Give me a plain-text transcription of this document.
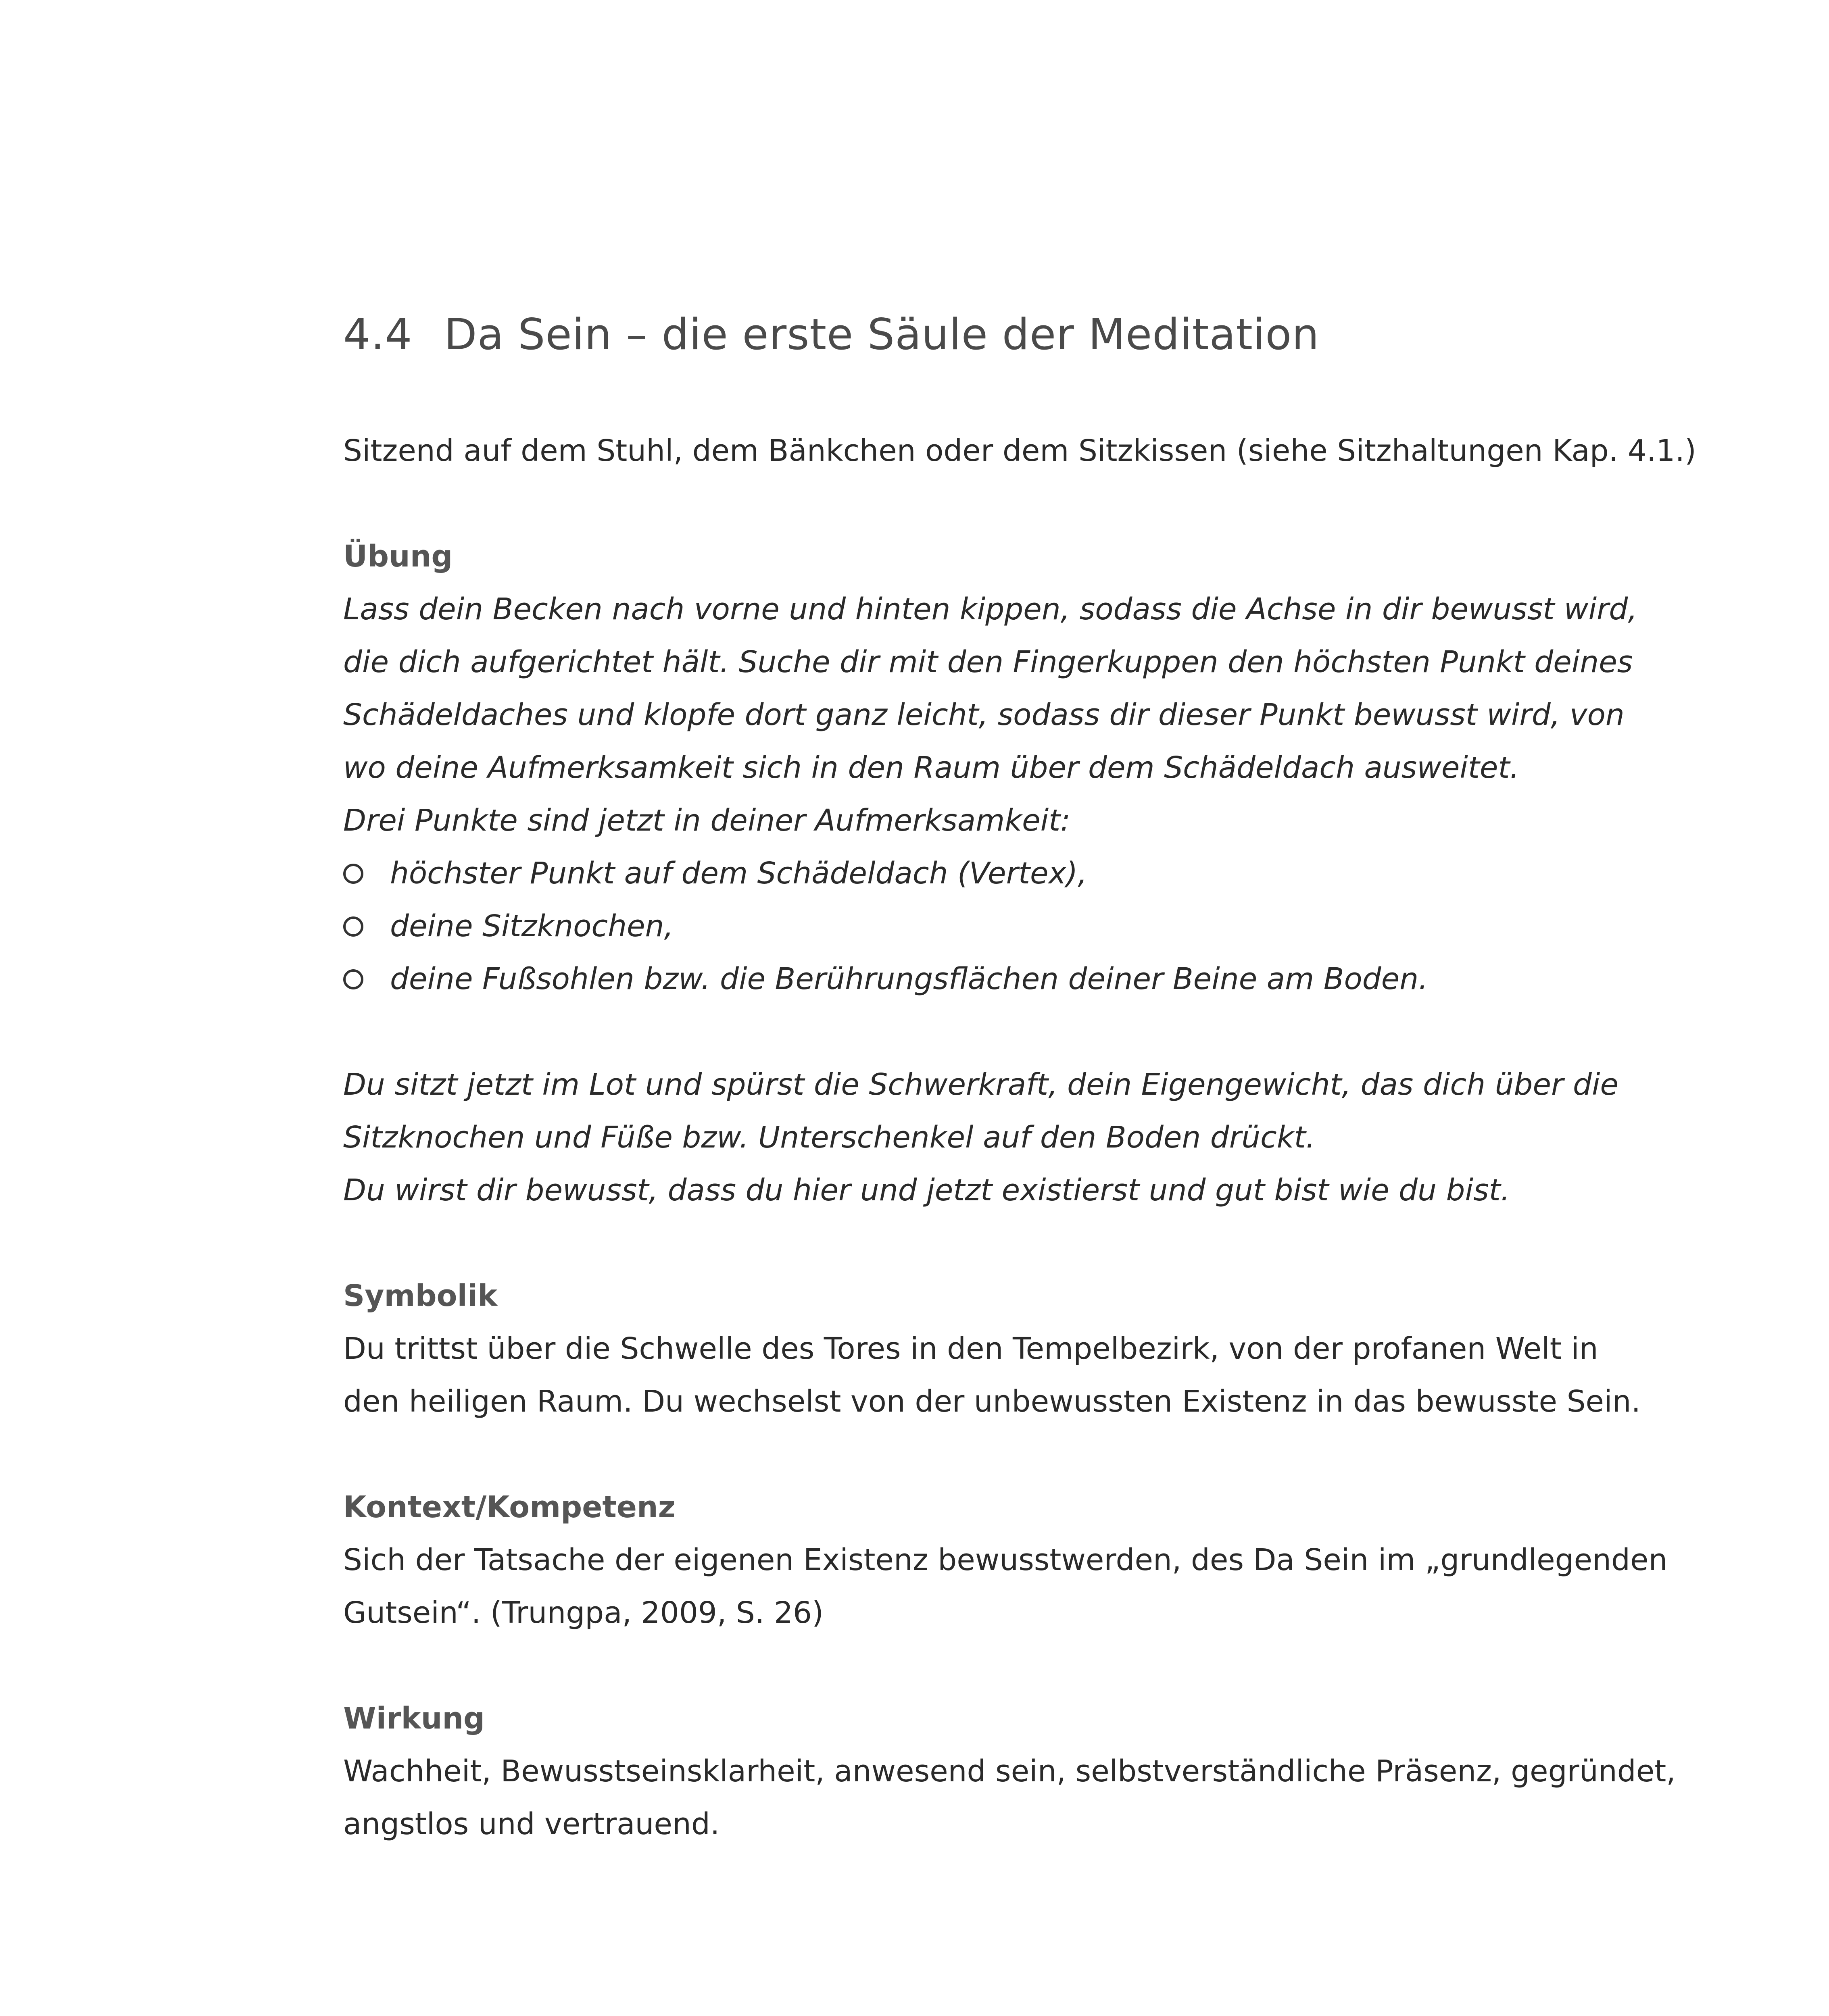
4.4 Da Sein – die erste Säule der Meditation

Sitzend auf dem Stuhl, dem Bänkchen oder dem Sitzkissen (siehe Sitzhaltungen Kap. 4.1.)

Übung

Lass dein Becken nach vorne und hinten kippen, sodass die Achse in dir bewusst wird,

die dich aufgerichtet hält. Suche dir mit den Fingerkuppen den höchsten Punkt deines

Schädeldaches und klopfe dort ganz leicht, sodass dir dieser Punkt bewusst wird, von

wo deine Aufmerksamkeit sich in den Raum über dem Schädeldach ausweitet.

Drei Punkte sind jetzt in deiner Aufmerksamkeit:

höchster Punkt auf dem Schädeldach (Vertex),
deine Sitzknochen,
deine Fußsohlen bzw. die Berührungsflächen deiner Beine am Boden.

Du sitzt jetzt im Lot und spürst die Schwerkraft, dein Eigengewicht, das dich über die

Sitzknochen und Füße bzw. Unterschenkel auf den Boden drückt.

Du wirst dir bewusst, dass du hier und jetzt existierst und gut bist wie du bist.

Symbolik

Du trittst über die Schwelle des Tores in den Tempelbezirk, von der profanen Welt in

den heiligen Raum. Du wechselst von der unbewussten Existenz in das bewusste Sein.

Kontext/Kompetenz

Sich der Tatsache der eigenen Existenz bewusstwerden, des Da Sein im „grundlegenden

Gutsein“. (Trungpa, 2009, S. 26)

Wirkung

Wachheit, Bewusstseinsklarheit, anwesend sein, selbstverständliche Präsenz, gegründet,

angstlos und vertrauend.
